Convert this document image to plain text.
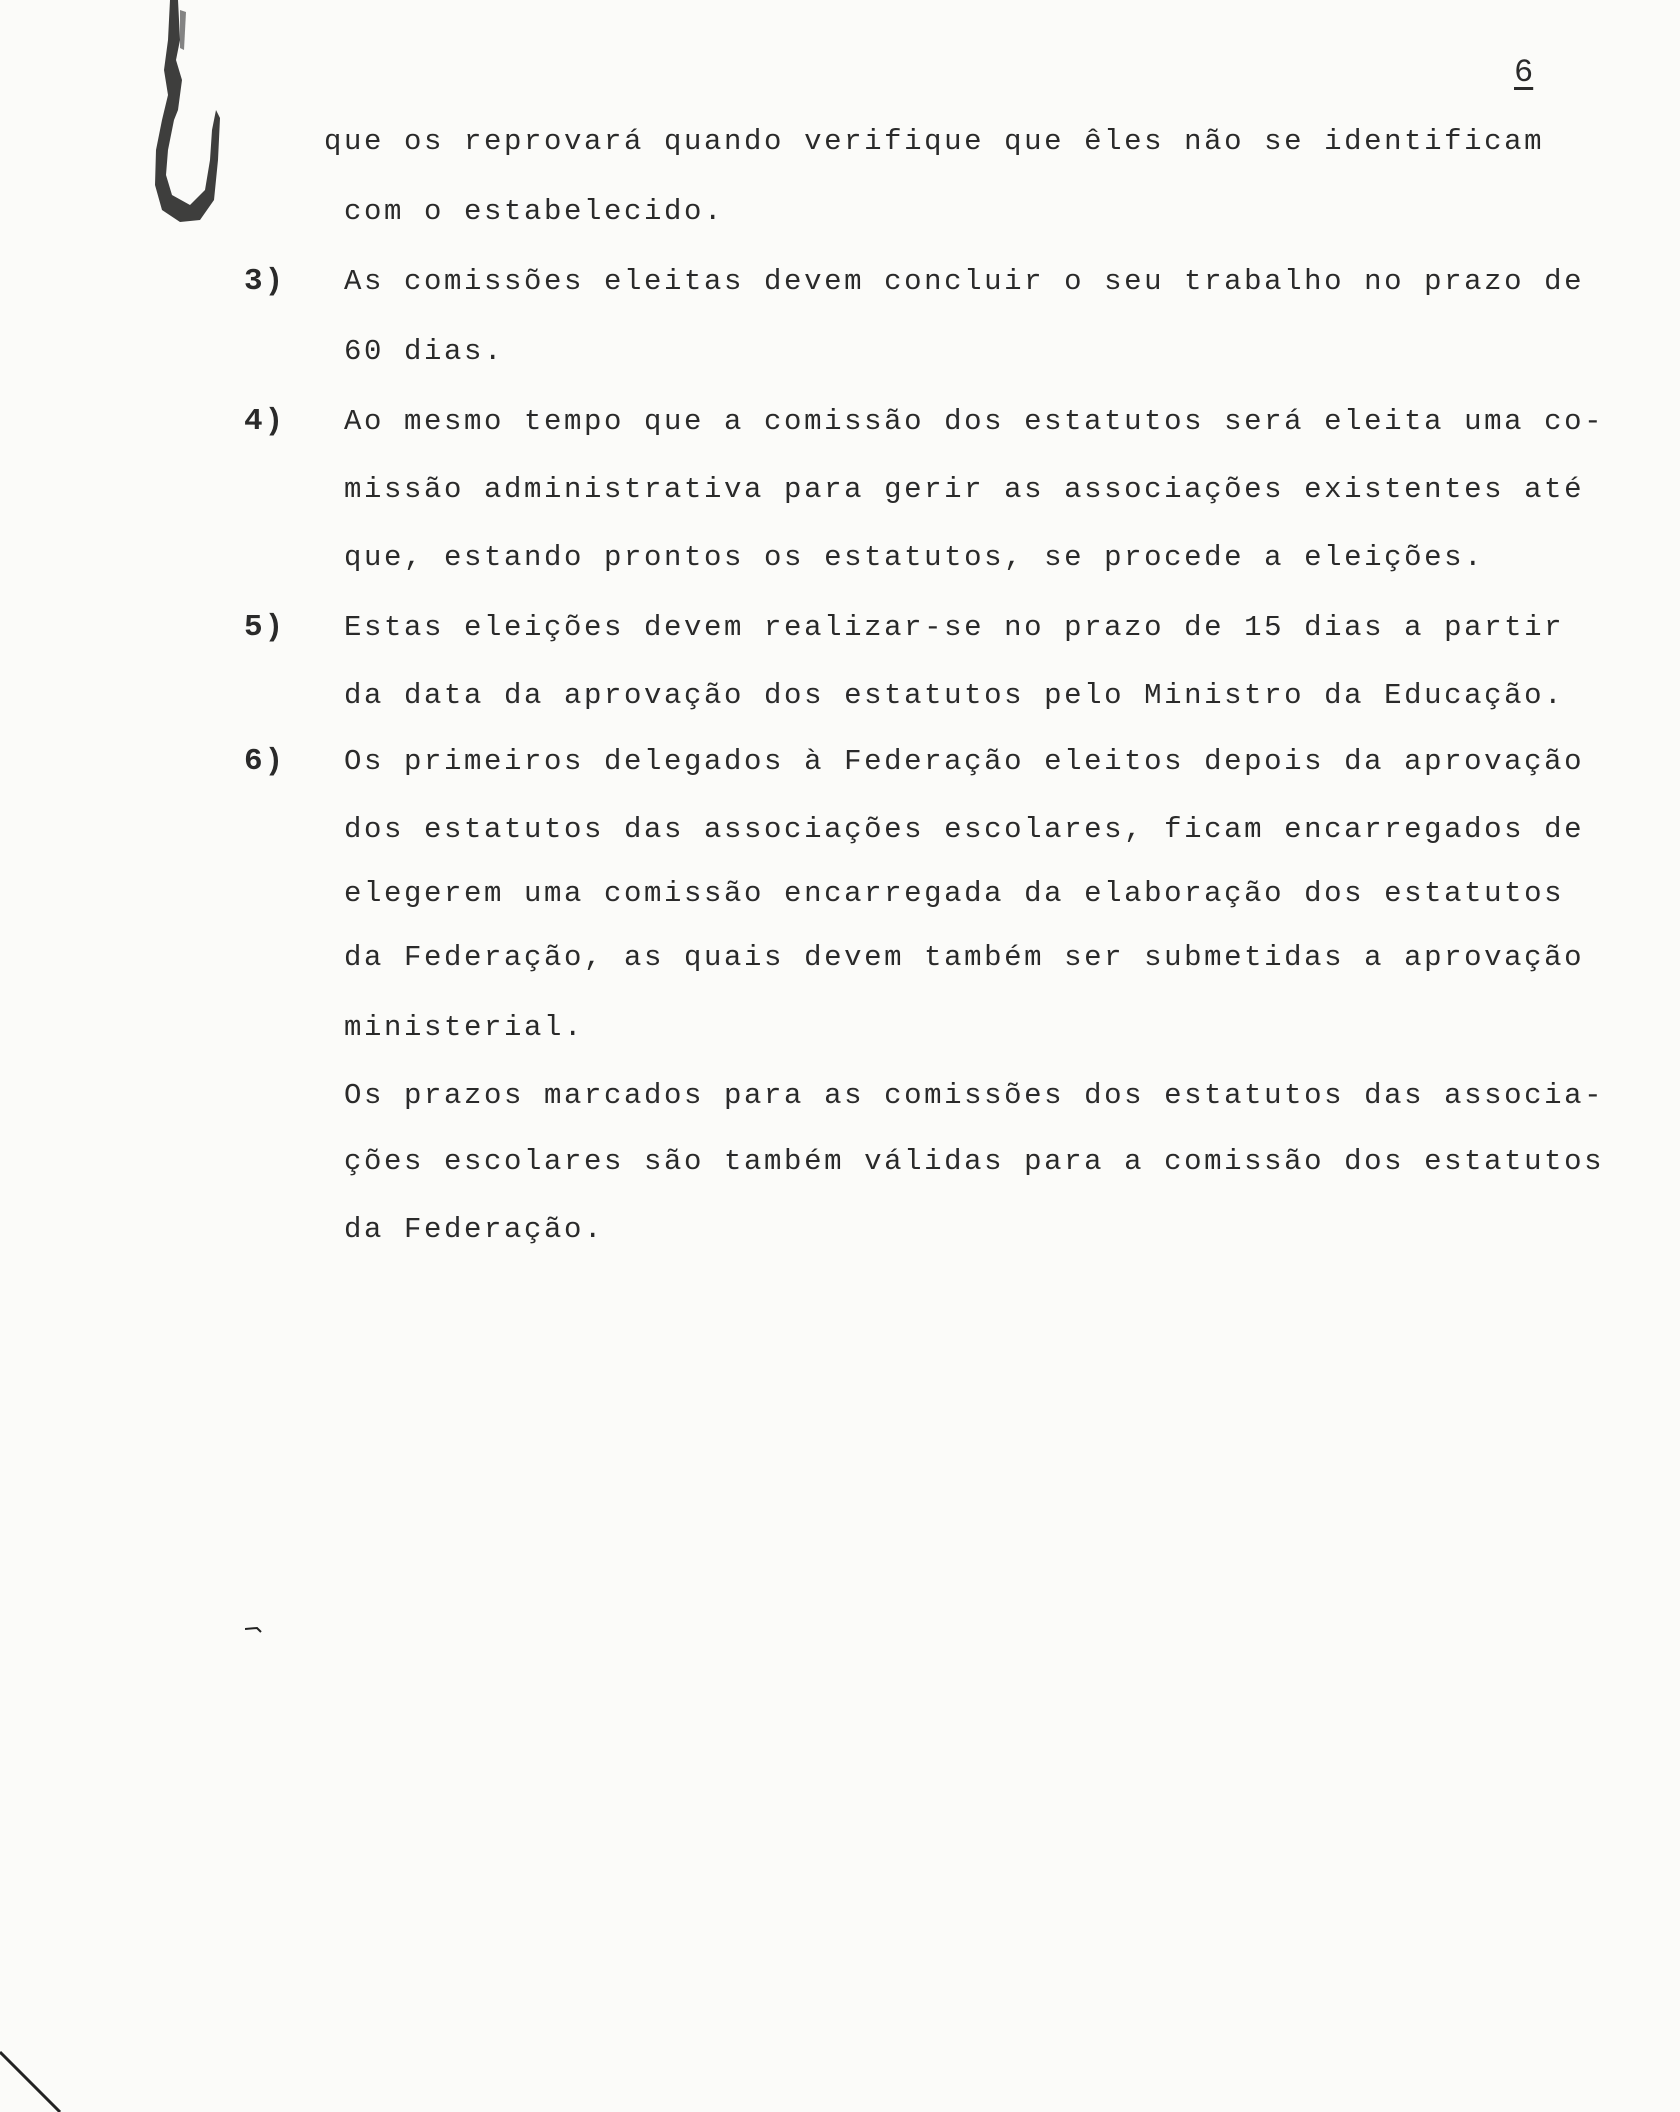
6
que os reprovará quando verifique que êles não se identificam
com o estabelecido.
3) As comissões eleitas devem concluir o seu trabalho no prazo de
60 dias.
4) Ao mesmo tempo que a comissão dos estatutos será eleita uma co-
missão administrativa para gerir as associações existentes até
que, estando prontos os estatutos, se procede a eleições.
5) Estas eleições devem realizar-se no prazo de 15 dias a partir
da data da aprovação dos estatutos pelo Ministro da Educação.
6) Os primeiros delegados à Federação eleitos depois da aprovação
dos estatutos das associações escolares, ficam encarregados de
elegerem uma comissão encarregada da elaboração dos estatutos
da Federação, as quais devem também ser submetidas a aprovação
ministerial.
Os prazos marcados para as comissões dos estatutos das associa-
ções escolares são também válidas para a comissão dos estatutos
da Federação.
